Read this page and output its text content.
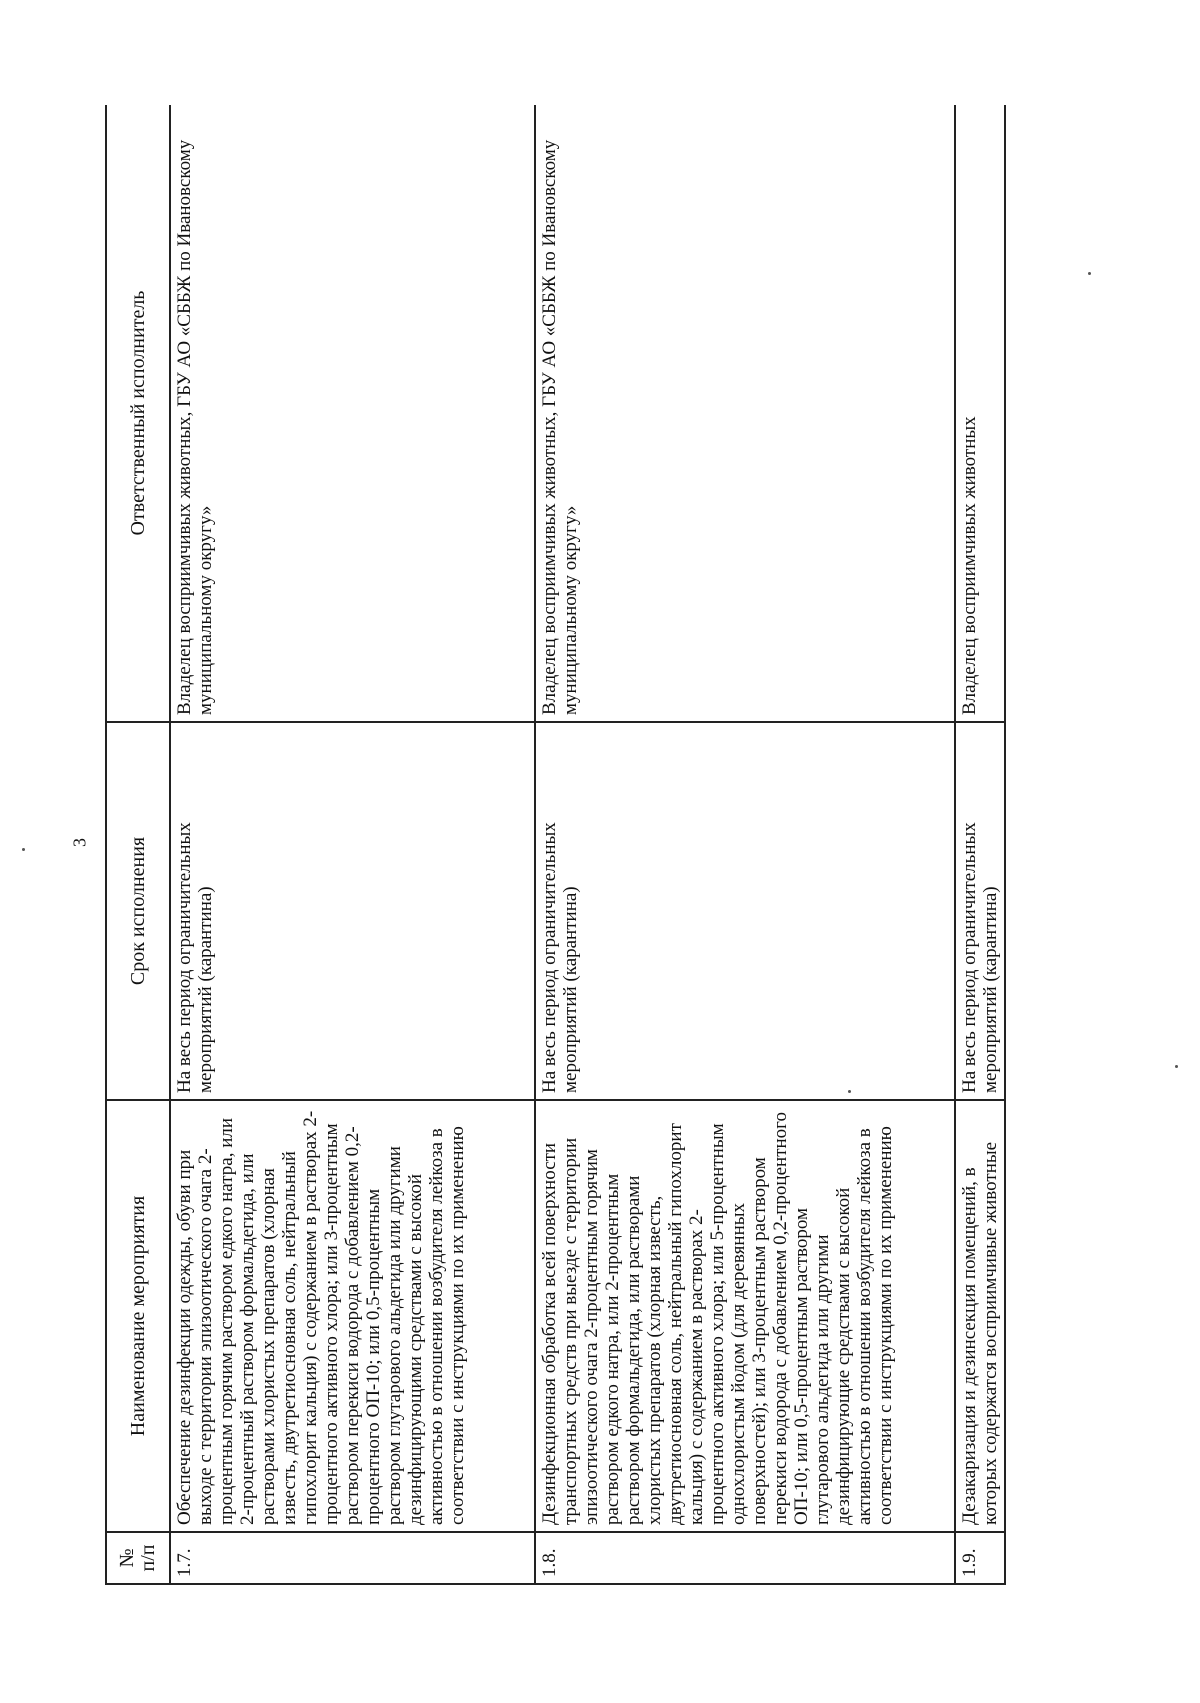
3
№ п/п	Наименование мероприятия	Срок исполнения	Ответственный исполнитель
1.7.	Обеспечение дезинфекции одежды, обуви при выходе с территории эпизоотического очага 2-процентным горячим раствором едкого натра, или 2-процентный раствором формальдегида, или растворами хлористых препаратов (хлорная известь, двутретиосновная соль, нейтральный гипохлорит кальция) с содержанием в растворах 2-процентного активного хлора; или 3-процентным раствором перекиси водорода с добавлением 0,2-процентного ОП-10; или 0,5-процентным раствором глутарового альдегида или другими дезинфицирующими средствами с высокой активностью в отношении возбудителя лейкоза в соответствии с инструкциями по их применению	На весь период ограничительных мероприятий (карантина)	Владелец восприимчивых животных, ГБУ АО «СББЖ по Ивановскому муниципальному округу»
1.8.	Дезинфекционная обработка всей поверхности транспортных средств при выезде с территории эпизоотического очага 2-процентным горячим раствором едкого натра, или 2-процентным раствором формальдегида, или растворами хлористых препаратов (хлорная известь, двутретиосновная соль, нейтральный гипохлорит кальция) с содержанием в растворах 2-процентного активного хлора; или 5-процентным однохлористым йодом (для деревянных поверхностей); или 3-процентным раствором перекиси водорода с добавлением 0,2-процентного ОП-10; или 0,5-процентным раствором глутарового альдегида или другими дезинфицирующие средствами с высокой активностью в отношении возбудителя лейкоза в соответствии с инструкциями по их применению	На весь период ограничительных мероприятий (карантина)	Владелец восприимчивых животных, ГБУ АО «СББЖ по Ивановскому муниципальному округу»
1.9.	Дезакаризация и дезинсекция помещений, в которых содержатся восприимчивые животные	На весь период ограничительных мероприятий (карантина)	Владелец восприимчивых животных
